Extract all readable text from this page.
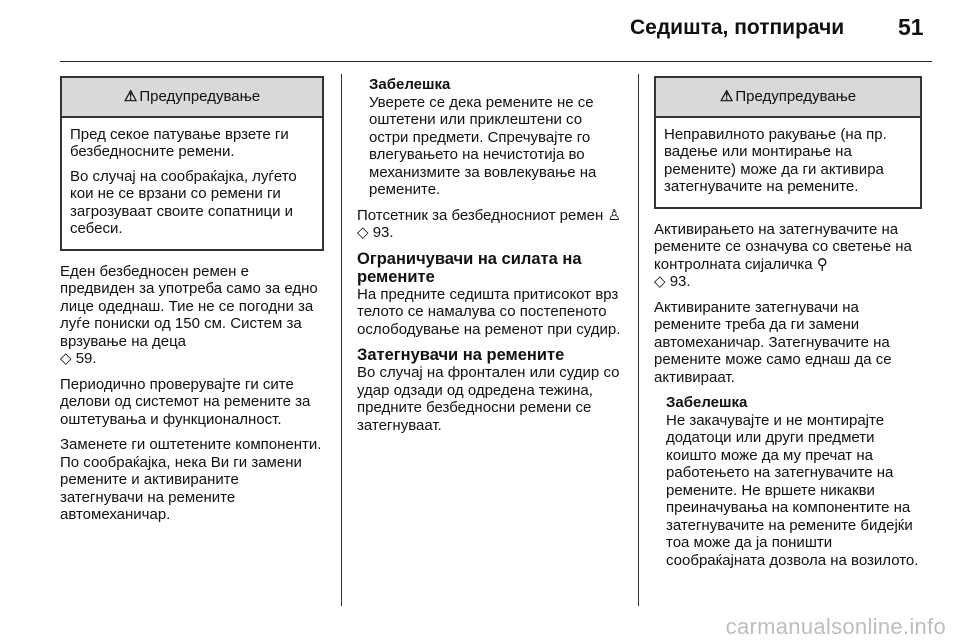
Седишта, потпирачи 51
⚠ Предупредување

Пред секое патување врзете ги безбедносните ремени.

Во случај на сообраќајка, луѓето кои не се врзани со ремени ги загрозуваат своите сопатници и себеси.

Еден безбедносен ремен е предвиден за употреба само за едно лице одеднаш. Тие не се погодни за луѓе пониски од 150 см. Систем за врзување на деца
◇ 59.

Периодично проверувајте ги сите делови од системот на ремените за оштетувања и функционалност.

Заменете ги оштетените компоненти. По сообраќајка, нека Ви ги замени ремените и активираните затегнувачи на ремените автомеханичар.

Забелешка

Уверете се дека ремените не се оштетени или приклештени со остри предмети. Спречувајте го влегувањето на нечистотија во механизмите за вовлекување на ремените.

Потсетник за безбедносниот ремен ♙ ◇ 93.

Ограничувачи на силата на ремените

На предните седишта притисокот врз телото се намалува со постепеното ослободување на ременот при судир.

Затегнувачи на ремените

Во случај на фронтален или судир со удар одзади од одредена тежина, предните безбедносни ремени се затегнуваат.

⚠ Предупредување

Неправилното ракување (на пр. вадење или монтирање на ремените) може да ги активира затегнувачите на ремените.

Активирањето на затегнувачите на ремените се означува со светење на контролната сијаличка ⚲
◇ 93.

Активираните затегнувачи на ремените треба да ги замени автомеханичар. Затегнувачите на ремените може само еднаш да се активираат.

Забелешка

Не закачувајте и не монтирајте додатоци или други предмети коишто може да му пречат на работењето на затегнувачите на ремените. Не вршете никакви преиначувања на компонентите на затегнувачите на ремените бидејќи тоа може да ја поништи сообраќајната дозвола на возилото.

carmanualsonline.info
